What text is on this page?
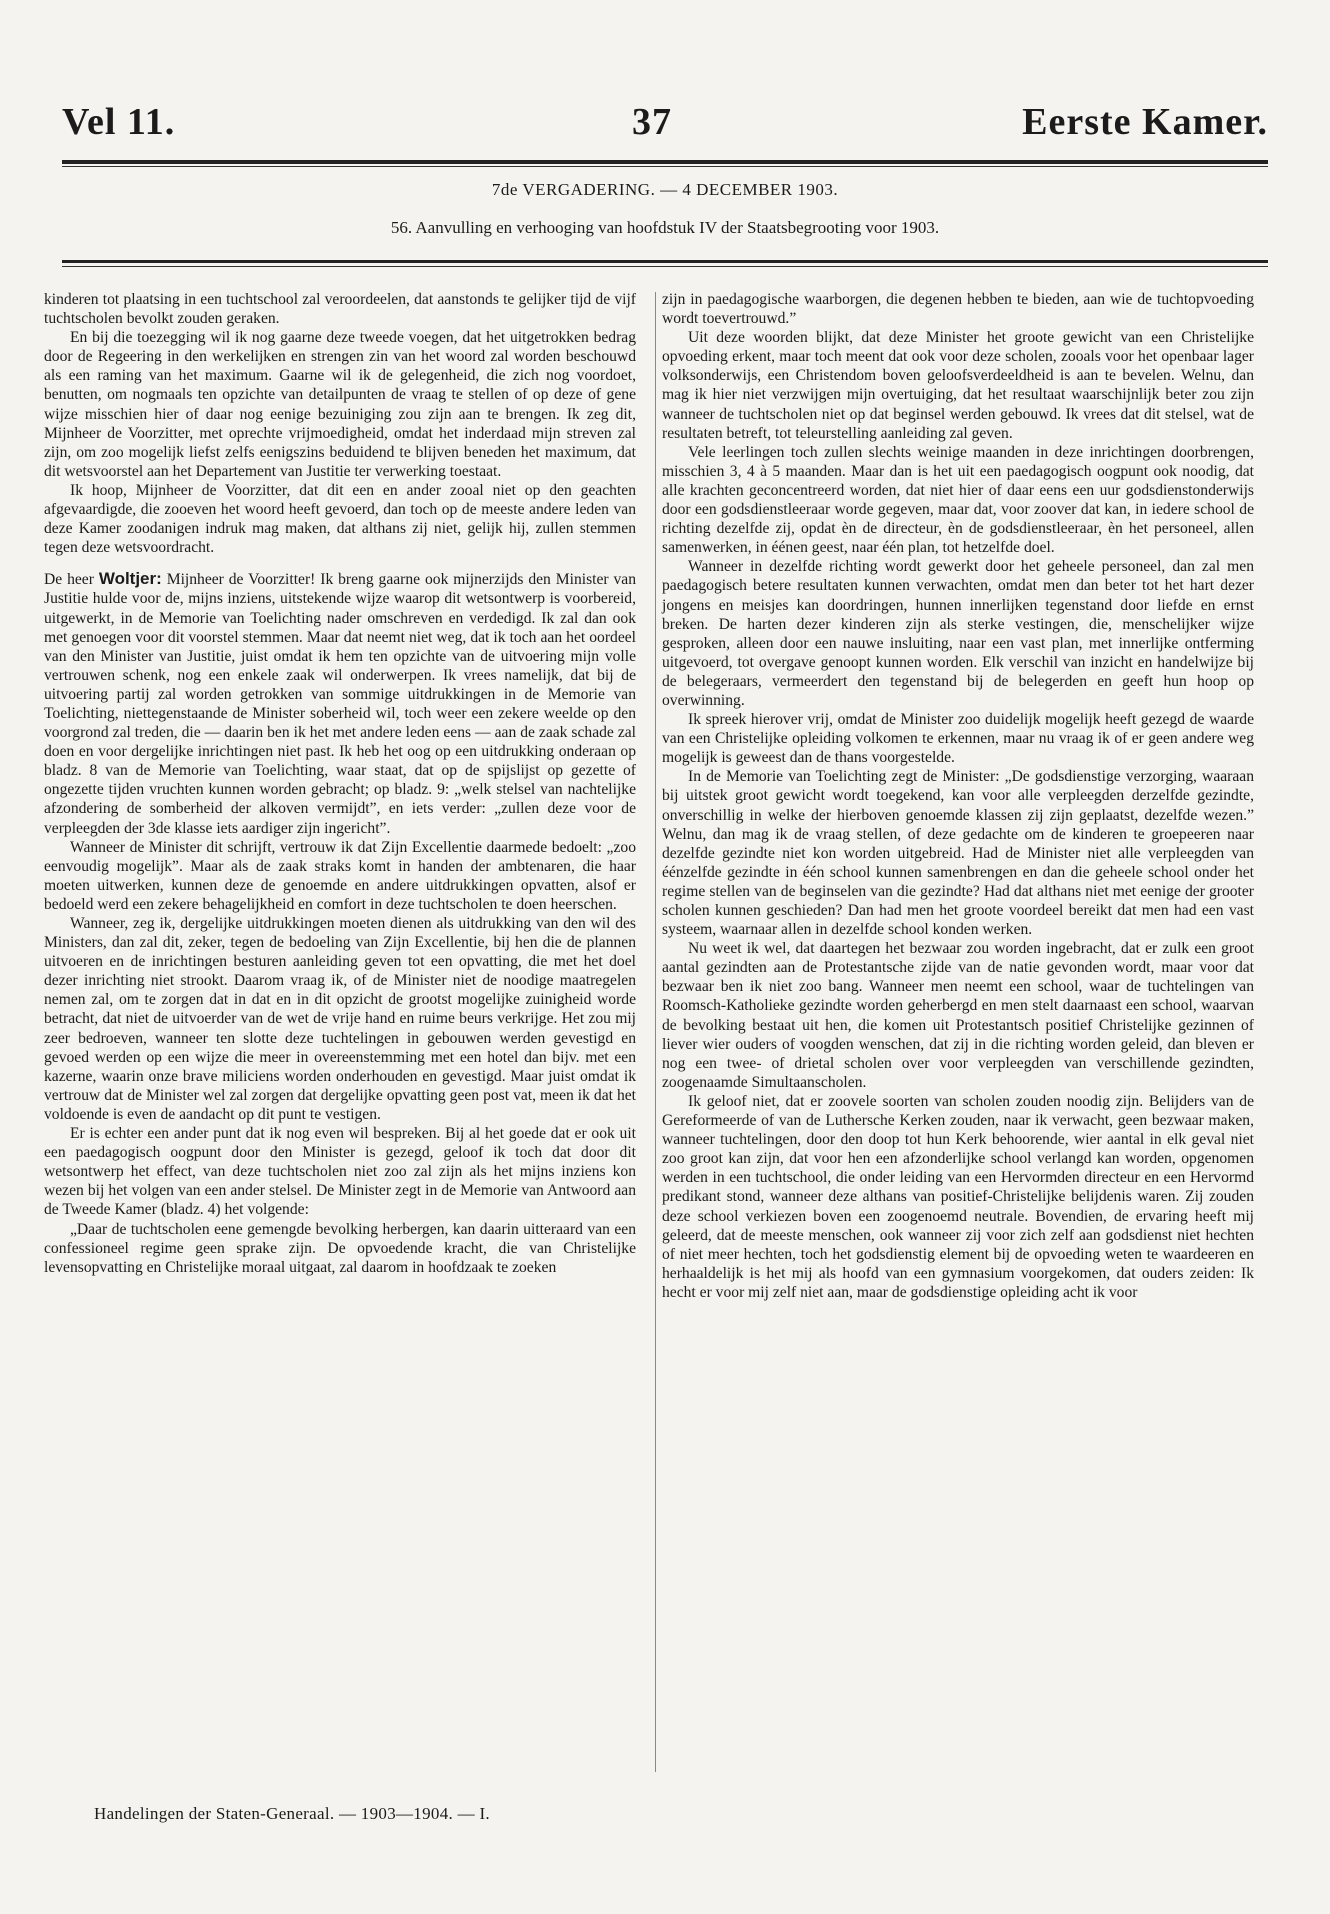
Vel 11.	37	Eerste Kamer.
7de VERGADERING. — 4 DECEMBER 1903.
56. Aanvulling en verhooging van hoofdstuk IV der Staatsbegrooting voor 1903.

kinderen tot plaatsing in een tuchtschool zal veroordeelen, dat aanstonds te gelijker tijd de vijf tuchtscholen bevolkt zouden geraken.

En bij die toezegging wil ik nog gaarne deze tweede voegen, dat het uitgetrokken bedrag door de Regeering in den werkelijken en strengen zin van het woord zal worden beschouwd als een raming van het maximum. Gaarne wil ik de gelegenheid, die zich nog voordoet, benutten, om nogmaals ten opzichte van detailpunten de vraag te stellen of op deze of gene wijze misschien hier of daar nog eenige bezuiniging zou zijn aan te brengen. Ik zeg dit, Mijnheer de Voorzitter, met oprechte vrijmoedigheid, omdat het inderdaad mijn streven zal zijn, om zoo mogelijk liefst zelfs eenigszins beduidend te blijven beneden het maximum, dat dit wetsvoorstel aan het Departement van Justitie ter verwerking toestaat.

Ik hoop, Mijnheer de Voorzitter, dat dit een en ander zooal niet op den geachten afgevaardigde, die zooeven het woord heeft gevoerd, dan toch op de meeste andere leden van deze Kamer zoodanigen indruk mag maken, dat althans zij niet, gelijk hij, zullen stemmen tegen deze wetsvoordracht.

De heer Woltjer: Mijnheer de Voorzitter! Ik breng gaarne ook mijnerzijds den Minister van Justitie hulde voor de, mijns inziens, uitstekende wijze waarop dit wetsontwerp is voorbereid, uitgewerkt, in de Memorie van Toelichting nader omschreven en verdedigd. Ik zal dan ook met genoegen voor dit voorstel stemmen. Maar dat neemt niet weg, dat ik toch aan het oordeel van den Minister van Justitie, juist omdat ik hem ten opzichte van de uitvoering mijn volle vertrouwen schenk, nog een enkele zaak wil onderwerpen. Ik vrees namelijk, dat bij de uitvoering partij zal worden getrokken van sommige uitdrukkingen in de Memorie van Toelichting, niettegenstaande de Minister soberheid wil, toch weer een zekere weelde op den voorgrond zal treden, die — daarin ben ik het met andere leden eens — aan de zaak schade zal doen en voor dergelijke inrichtingen niet past. Ik heb het oog op een uitdrukking onderaan op bladz. 8 van de Memorie van Toelichting, waar staat, dat op de spijslijst op gezette of ongezette tijden vruchten kunnen worden gebracht; op bladz. 9: „welk stelsel van nachtelijke afzondering de somberheid der alkoven vermijdt”, en iets verder: „zullen deze voor de verpleegden der 3de klasse iets aardiger zijn ingericht”.

Wanneer de Minister dit schrijft, vertrouw ik dat Zijn Excellentie daarmede bedoelt: „zoo eenvoudig mogelijk”. Maar als de zaak straks komt in handen der ambtenaren, die haar moeten uitwerken, kunnen deze de genoemde en andere uitdrukkingen opvatten, alsof er bedoeld werd een zekere behagelijkheid en comfort in deze tuchtscholen te doen heerschen.

Wanneer, zeg ik, dergelijke uitdrukkingen moeten dienen als uitdrukking van den wil des Ministers, dan zal dit, zeker, tegen de bedoeling van Zijn Excellentie, bij hen die de plannen uitvoeren en de inrichtingen besturen aanleiding geven tot een opvatting, die met het doel dezer inrichting niet strookt. Daarom vraag ik, of de Minister niet de noodige maatregelen nemen zal, om te zorgen dat in dat en in dit opzicht de grootst mogelijke zuinigheid worde betracht, dat niet de uitvoerder van de wet de vrije hand en ruime beurs verkrijge. Het zou mij zeer bedroeven, wanneer ten slotte deze tuchtelingen in gebouwen werden gevestigd en gevoed werden op een wijze die meer in overeenstemming met een hotel dan bijv. met een kazerne, waarin onze brave miliciens worden onderhouden en gevestigd. Maar juist omdat ik vertrouw dat de Minister wel zal zorgen dat dergelijke opvatting geen post vat, meen ik dat het voldoende is even de aandacht op dit punt te vestigen.

Er is echter een ander punt dat ik nog even wil bespreken. Bij al het goede dat er ook uit een paedagogisch oogpunt door den Minister is gezegd, geloof ik toch dat door dit wetsontwerp het effect, van deze tuchtscholen niet zoo zal zijn als het mijns inziens kon wezen bij het volgen van een ander stelsel. De Minister zegt in de Memorie van Antwoord aan de Tweede Kamer (bladz. 4) het volgende:

„Daar de tuchtscholen eene gemengde bevolking herbergen, kan daarin uitteraard van een confessioneel regime geen sprake zijn. De opvoedende kracht, die van Christelijke levensopvatting en Christelijke moraal uitgaat, zal daarom in hoofdzaak te zoeken

zijn in paedagogische waarborgen, die degenen hebben te bieden, aan wie de tuchtopvoeding wordt toevertrouwd.”

Uit deze woorden blijkt, dat deze Minister het groote gewicht van een Christelijke opvoeding erkent, maar toch meent dat ook voor deze scholen, zooals voor het openbaar lager volksonderwijs, een Christendom boven geloofsverdeeldheid is aan te bevelen. Welnu, dan mag ik hier niet verzwijgen mijn overtuiging, dat het resultaat waarschijnlijk beter zou zijn wanneer de tuchtscholen niet op dat beginsel werden gebouwd. Ik vrees dat dit stelsel, wat de resultaten betreft, tot teleurstelling aanleiding zal geven.

Vele leerlingen toch zullen slechts weinige maanden in deze inrichtingen doorbrengen, misschien 3, 4 à 5 maanden. Maar dan is het uit een paedagogisch oogpunt ook noodig, dat alle krachten geconcentreerd worden, dat niet hier of daar eens een uur godsdienstonderwijs door een godsdienstleeraar worde gegeven, maar dat, voor zoover dat kan, in iedere school de richting dezelfde zij, opdat èn de directeur, èn de godsdienstleeraar, èn het personeel, allen samenwerken, in éénen geest, naar één plan, tot hetzelfde doel.

Wanneer in dezelfde richting wordt gewerkt door het geheele personeel, dan zal men paedagogisch betere resultaten kunnen verwachten, omdat men dan beter tot het hart dezer jongens en meisjes kan doordringen, hunnen innerlijken tegenstand door liefde en ernst breken. De harten dezer kinderen zijn als sterke vestingen, die, menschelijker wijze gesproken, alleen door een nauwe insluiting, naar een vast plan, met innerlijke ontferming uitgevoerd, tot overgave genoopt kunnen worden. Elk verschil van inzicht en handelwijze bij de belegeraars, vermeerdert den tegenstand bij de belegerden en geeft hun hoop op overwinning.

Ik spreek hierover vrij, omdat de Minister zoo duidelijk mogelijk heeft gezegd de waarde van een Christelijke opleiding volkomen te erkennen, maar nu vraag ik of er geen andere weg mogelijk is geweest dan de thans voorgestelde.

In de Memorie van Toelichting zegt de Minister: „De godsdienstige verzorging, waaraan bij uitstek groot gewicht wordt toegekend, kan voor alle verpleegden derzelfde gezindte, onverschillig in welke der hierboven genoemde klassen zij zijn geplaatst, dezelfde wezen.” Welnu, dan mag ik de vraag stellen, of deze gedachte om de kinderen te groepeeren naar dezelfde gezindte niet kon worden uitgebreid. Had de Minister niet alle verpleegden van éénzelfde gezindte in één school kunnen samenbrengen en dan die geheele school onder het regime stellen van de beginselen van die gezindte? Had dat althans niet met eenige der grooter scholen kunnen geschieden? Dan had men het groote voordeel bereikt dat men had een vast systeem, waarnaar allen in dezelfde school konden werken.

Nu weet ik wel, dat daartegen het bezwaar zou worden ingebracht, dat er zulk een groot aantal gezindten aan de Protestantsche zijde van de natie gevonden wordt, maar voor dat bezwaar ben ik niet zoo bang. Wanneer men neemt een school, waar de tuchtelingen van Roomsch-Katholieke gezindte worden geherbergd en men stelt daarnaast een school, waarvan de bevolking bestaat uit hen, die komen uit Protestantsch positief Christelijke gezinnen of liever wier ouders of voogden wenschen, dat zij in die richting worden geleid, dan bleven er nog een twee- of drietal scholen over voor verpleegden van verschillende gezindten, zoogenaamde Simultaanscholen.

Ik geloof niet, dat er zoovele soorten van scholen zouden noodig zijn. Belijders van de Gereformeerde of van de Luthersche Kerken zouden, naar ik verwacht, geen bezwaar maken, wanneer tuchtelingen, door den doop tot hun Kerk behoorende, wier aantal in elk geval niet zoo groot kan zijn, dat voor hen een afzonderlijke school verlangd kan worden, opgenomen werden in een tuchtschool, die onder leiding van een Hervormden directeur en een Hervormd predikant stond, wanneer deze althans van positief-Christelijke belijdenis waren. Zij zouden deze school verkiezen boven een zoogenoemd neutrale. Bovendien, de ervaring heeft mij geleerd, dat de meeste menschen, ook wanneer zij voor zich zelf aan godsdienst niet hechten of niet meer hechten, toch het godsdienstig element bij de opvoeding weten te waardeeren en herhaaldelijk is het mij als hoofd van een gymnasium voorgekomen, dat ouders zeiden: Ik hecht er voor mij zelf niet aan, maar de godsdienstige opleiding acht ik voor

Handelingen der Staten-Generaal. — 1903—1904. — I.
